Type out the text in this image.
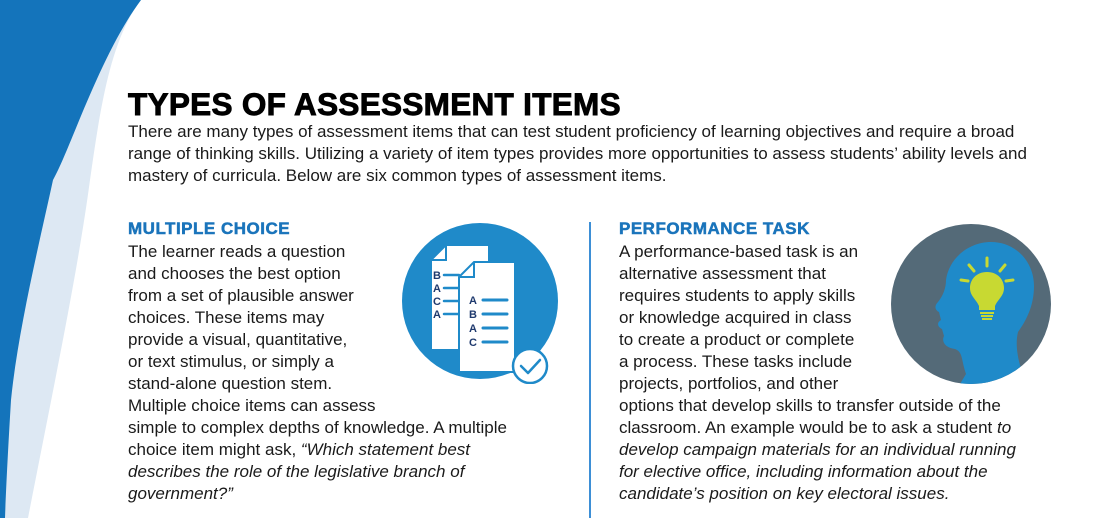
TYPES OF ASSESSMENT ITEMS

There are many types of assessment items that can test student proficiency of learning objectives and require a broad range of thinking skills. Utilizing a variety of item types provides more opportunities to assess students’ ability levels and mastery of curricula. Below are six common types of assessment items.

MULTIPLE CHOICE
The learner reads a question
and chooses the best option
from a set of plausible answer
choices. These items may
provide a visual, quantitative,
or text stimulus, or simply a
stand-alone question stem.
Multiple choice items can assess
simple to complex depths of knowledge. A multiple
choice item might ask, “Which statement best
describes the role of the legislative branch of
government?”
B
A
C
A
A
B
A
C
PERFORMANCE TASK
A performance-based task is an
alternative assessment that
requires students to apply skills
or knowledge acquired in class
to create a product or complete
a process. These tasks include
projects, portfolios, and other
options that develop skills to transfer outside of the
classroom. An example would be to ask a student to
develop campaign materials for an individual running
for elective office, including information about the
candidate’s position on key electoral issues.
